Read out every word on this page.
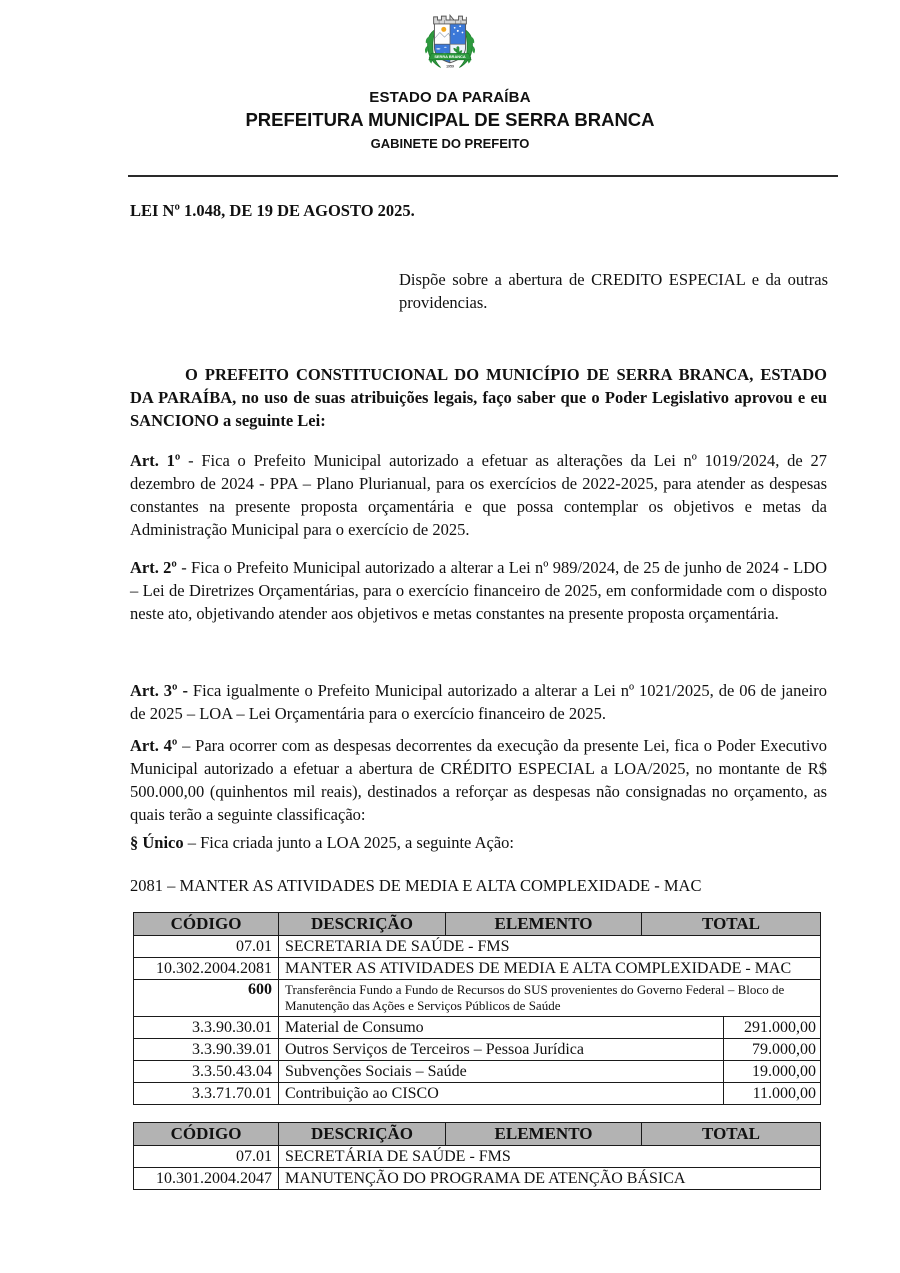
SERRA BRANCA
1959
ESTADO DA PARAÍBA
PREFEITURA MUNICIPAL DE SERRA BRANCA
GABINETE DO PREFEITO

LEI Nº 1.048, DE 19 DE AGOSTO 2025.

Dispõe sobre a abertura de CREDITO ESPECIAL e da outras providencias.

O PREFEITO CONSTITUCIONAL DO MUNICÍPIO DE SERRA BRANCA, ESTADO DA PARAÍBA, no uso de suas atribuições legais, faço saber que o Poder Legislativo aprovou e eu SANCIONO a seguinte Lei:

Art. 1º - Fica o Prefeito Municipal autorizado a efetuar as alterações da Lei nº 1019/2024, de 27 dezembro de 2024 - PPA – Plano Plurianual, para os exercícios de 2022-2025, para atender as despesas constantes na presente proposta orçamentária e que possa contemplar os objetivos e metas da Administração Municipal para o exercício de 2025.

Art. 2º - Fica o Prefeito Municipal autorizado a alterar a Lei nº 989/2024, de 25 de junho de 2024 - LDO – Lei de Diretrizes Orçamentárias, para o exercício financeiro de 2025, em conformidade com o disposto neste ato, objetivando atender aos objetivos e metas constantes na presente proposta orçamentária.

Art. 3º - Fica igualmente o Prefeito Municipal autorizado a alterar a Lei nº 1021/2025, de 06 de janeiro de 2025 – LOA – Lei Orçamentária para o exercício financeiro de 2025.

Art. 4º – Para ocorrer com as despesas decorrentes da execução da presente Lei, fica o Poder Executivo Municipal autorizado a efetuar a abertura de CRÉDITO ESPECIAL a LOA/2025, no montante de R$ 500.000,00 (quinhentos mil reais), destinados a reforçar as despesas não consignadas no orçamento, as quais terão a seguinte classificação:

§ Único – Fica criada junto a LOA 2025, a seguinte Ação:

2081 – MANTER AS ATIVIDADES DE MEDIA E ALTA COMPLEXIDADE - MAC

CÓDIGO	DESCRIÇÃO	ELEMENTO	TOTAL	
07.01	SECRETARIA DE SAÚDE - FMS			
10.302.2004.2081	MANTER AS ATIVIDADES DE MEDIA E ALTA COMPLEXIDADE - MAC			
600	Transferência Fundo a Fundo de Recursos do SUS provenientes do Governo Federal – Bloco de Manutenção das Ações e Serviços Públicos de Saúde			
3.3.90.30.01	Material de Consumo			291.000,00
3.3.90.39.01	Outros Serviços de Terceiros – Pessoa Jurídica			79.000,00
3.3.50.43.04	Subvenções Sociais – Saúde			19.000,00
3.3.71.70.01	Contribuição ao CISCO			11.000,00
CÓDIGO	DESCRIÇÃO	ELEMENTO	TOTAL
07.01	SECRETÁRIA DE SAÚDE - FMS		
10.301.2004.2047	MANUTENÇÃO DO PROGRAMA DE ATENÇÃO BÁSICA		
